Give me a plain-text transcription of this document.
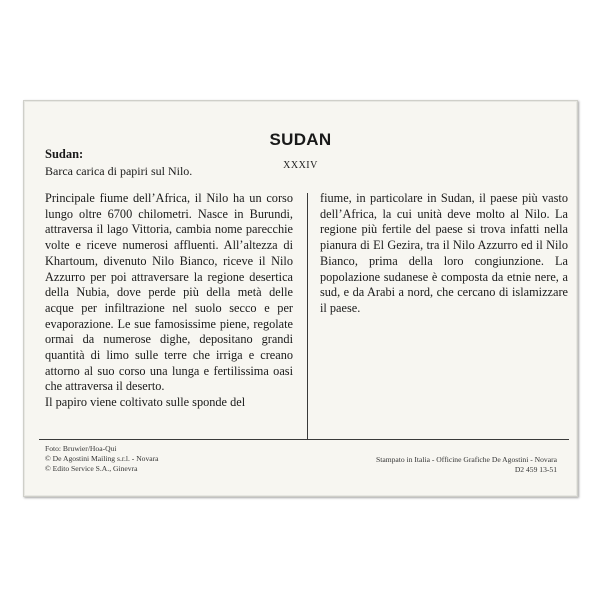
SUDAN
Sudan:
XXXIV
Barca carica di papiri sul Nilo.

Principale fiume dell’Africa, il Nilo ha un corso lungo oltre 6700 chilometri. Nasce in Burundi, attraversa il lago Vittoria, cambia nome parecchie volte e riceve numerosi affluenti. All’altezza di Khartoum, divenuto Nilo Bianco, riceve il Nilo Azzurro per poi attraversare la regione desertica della Nubia, dove perde più della metà delle acque per infiltrazione nel suolo secco e per evaporazione. Le sue famosissime piene, regolate ormai da numerose dighe, depositano grandi quantità di limo sulle terre che irriga e creano attorno al suo corso una lunga e fertilissima oasi che attraversa il deserto.

Il papiro viene coltivato sulle sponde del

fiume, in particolare in Sudan, il paese più vasto dell’Africa, la cui unità deve molto al Nilo. La regione più fertile del paese si trova infatti nella pianura di El Gezira, tra il Nilo Azzurro ed il Nilo Bianco, prima della loro congiunzione. La popolazione sudanese è composta da etnie nere, a sud, e da Arabi a nord, che cercano di islamizzare il paese.

Foto: Bruwier/Hoa-Qui
© De Agostini Mailing s.r.l. - Novara
© Edito Service S.A., Ginevra
Stampato in Italia - Officine Grafiche De Agostini - Novara
D2 459 13-51
